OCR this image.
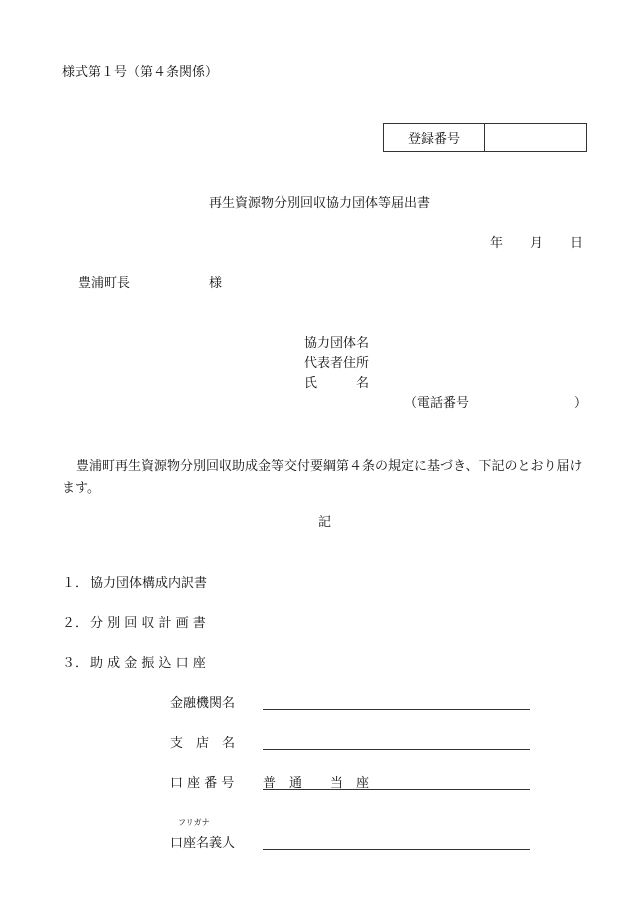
様式第１号（第４条関係）
登録番号
再生資源物分別回収協力団体等届出書
年 月 日
豊浦町長	様
協力団体名
代表者住所
氏	名
（電話番号	）
豊浦町再生資源物分別回収助成金等交付要綱第４条の規定に基づき、下記のとおり届けます。
記
１． 協力団体構成内訳書
２． 分 別 回 収 計 画 書
３． 助 成 金 振 込 口 座
金融機関名
支　店　名
口 座 番 号 普　通 当　座
フリガナ
口座名義人
